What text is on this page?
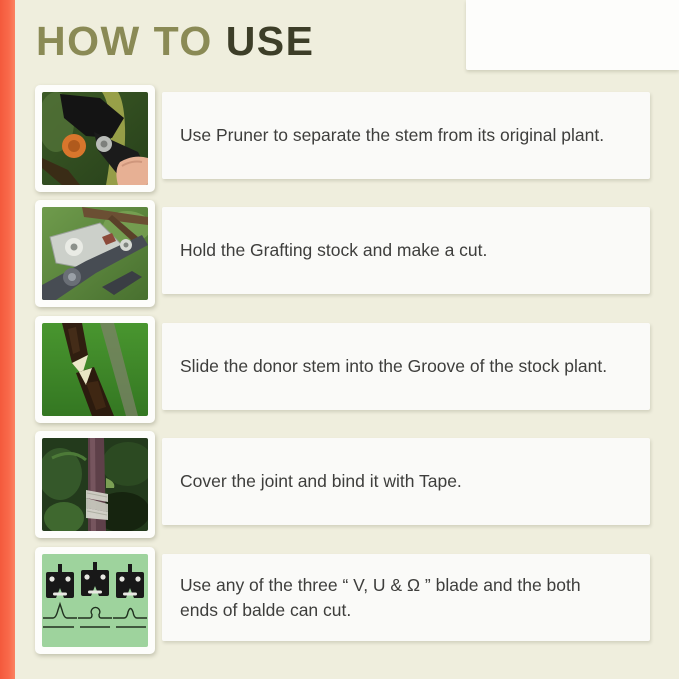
HOW TO USE

Use Pruner to separate the stem from its original plant.

Hold the Grafting stock and make a cut.

Slide the donor stem into the Groove of the stock plant.

Cover the joint and bind it with Tape.

Use any of the three “ V, U & Ω ” blade and the both ends of balde can cut.
